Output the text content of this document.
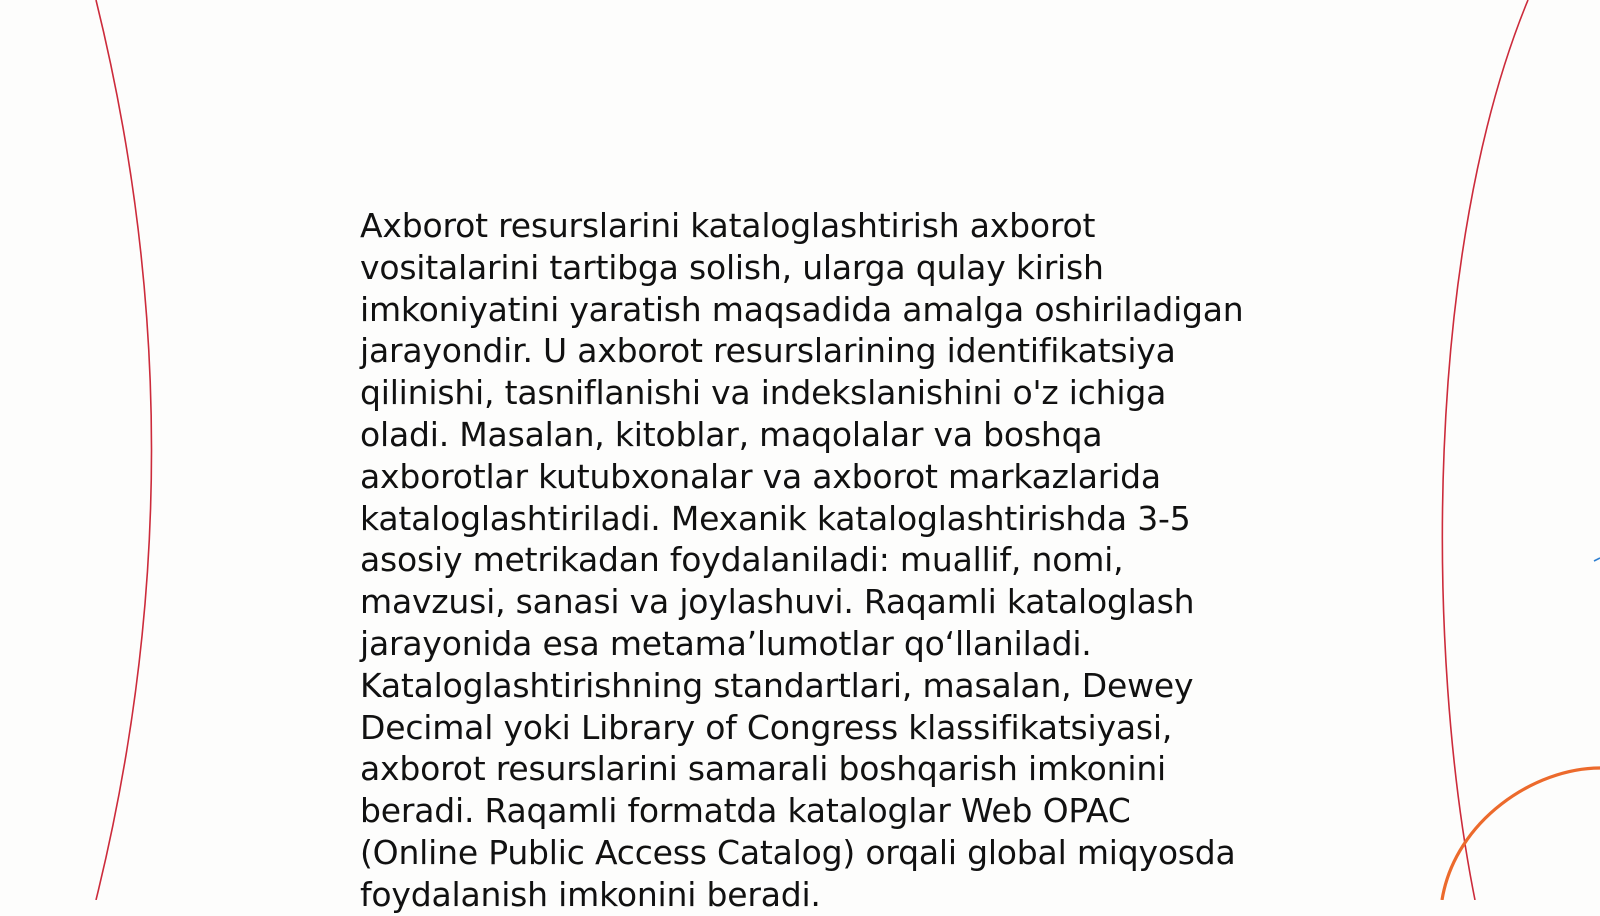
Axborot resurslarini kataloglashtirish axborot
vositalarini tartibga solish, ularga qulay kirish
imkoniyatini yaratish maqsadida amalga oshiriladigan
jarayondir. U axborot resurslarining identifikatsiya
qilinishi, tasniflanishi va indekslanishini o'z ichiga
oladi. Masalan, kitoblar, maqolalar va boshqa
axborotlar kutubxonalar va axborot markazlarida
kataloglashtiriladi. Mexanik kataloglashtirishda 3-5
asosiy metrikadan foydalaniladi: muallif, nomi,
mavzusi, sanasi va joylashuvi. Raqamli kataloglash
jarayonida esa metama’lumotlar qo‘llaniladi.
Kataloglashtirishning standartlari, masalan, Dewey
Decimal yoki Library of Congress klassifikatsiyasi,
axborot resurslarini samarali boshqarish imkonini
beradi. Raqamli formatda kataloglar Web OPAC
(Online Public Access Catalog) orqali global miqyosda
foydalanish imkonini beradi.
